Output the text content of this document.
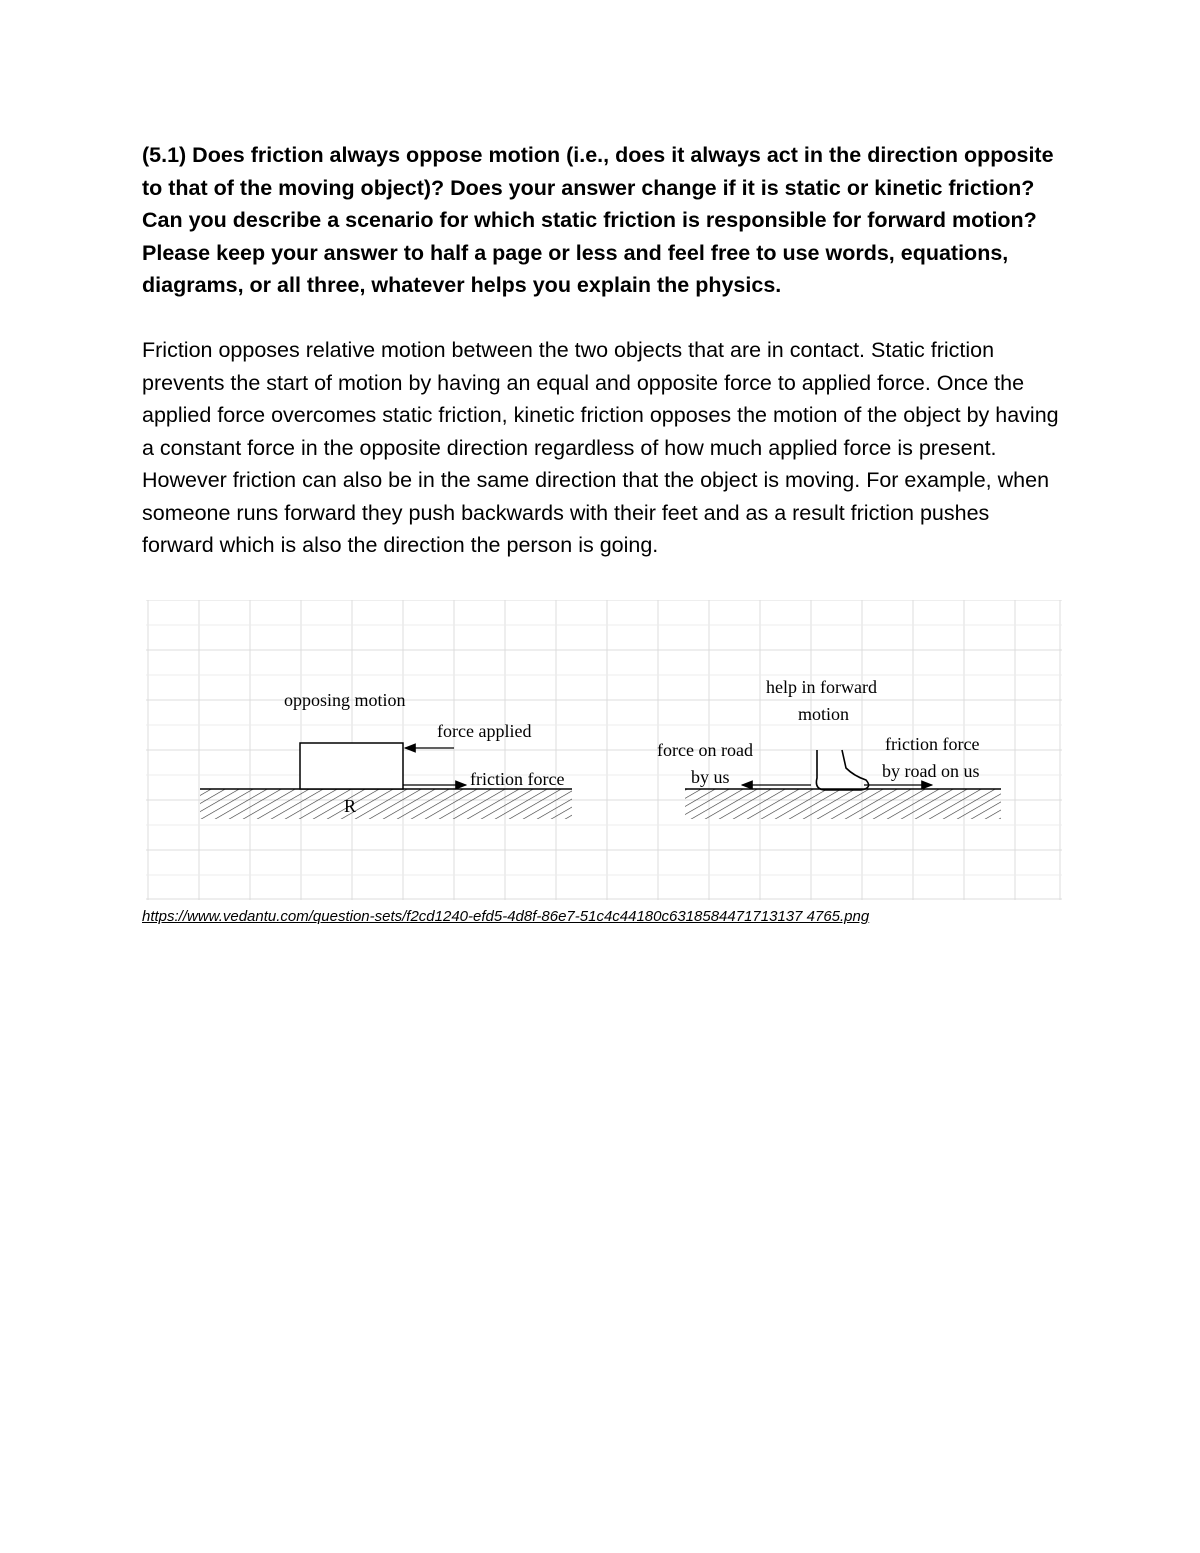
(5.1) Does friction always oppose motion (i.e., does it always act in the direction opposite to that of the moving object)? Does your answer change if it is static or kinetic friction? Can you describe a scenario for which static friction is responsible for forward motion? Please keep your answer to half a page or less and feel free to use words, equations, diagrams, or all three, whatever helps you explain the physics.

Friction opposes relative motion between the two objects that are in contact. Static friction prevents the start of motion by having an equal and opposite force to applied force. Once the applied force overcomes static friction, kinetic friction opposes the motion of the object by having a constant force in the opposite direction regardless of how much applied force is present. However friction can also be in the same direction that the object is moving. For example, when someone runs forward they push backwards with their feet and as a result friction pushes forward which is also the direction the person is going.

opposing motion
force applied
friction force
R
help in forward
motion
force on road
by us
friction force
by road on us
https://www.vedantu.com/question-sets/f2cd1240-efd5-4d8f-86e7-51c4c44180c6318584471713137 4765.png
